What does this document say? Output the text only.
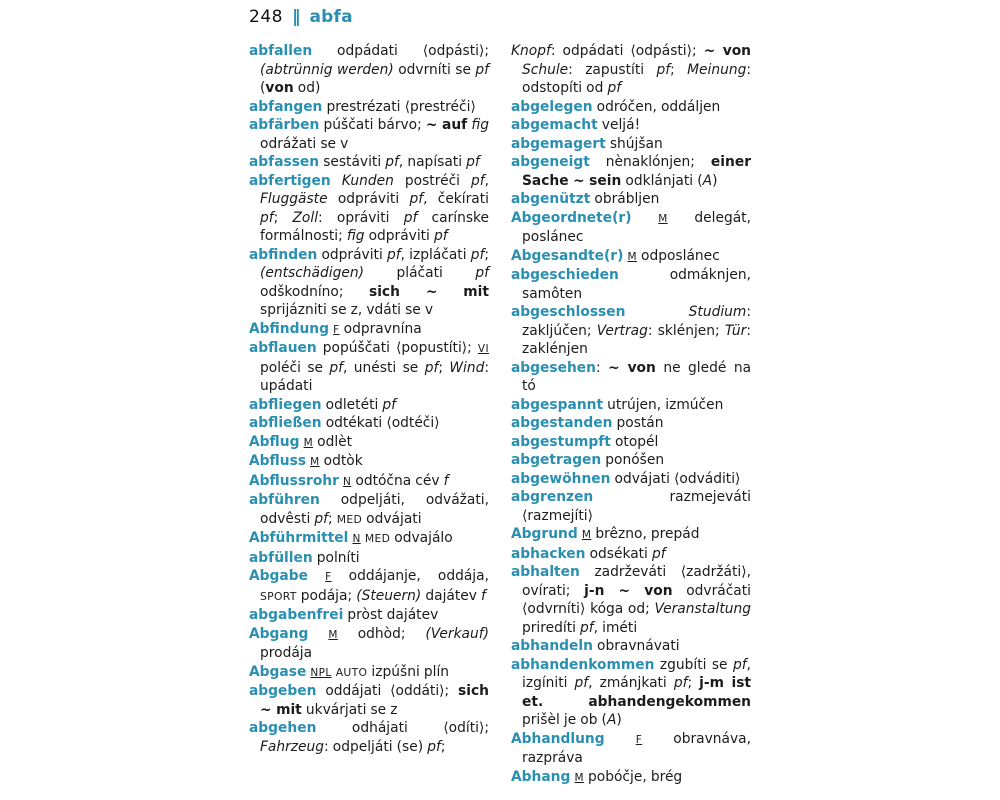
248 ‖ abfa

abfallen odpádati ⟨odpásti⟩; (abtrünnig werden) odvrníti se pf (von od)

abfangen prestrézati ⟨prestréči⟩

abfärben púščati bárvo; ~ auf fig odrážati se v

abfassen sestáviti pf, napísati pf

abfertigen Kunden postréči pf, Fluggäste odpráviti pf, čekírati pf; Zoll: opráviti pf carínske formálnosti; fig odpráviti pf

abfinden odpráviti pf, izpláčati pf; (entschädigen) pláčati pf odškodníno; sich ~ mit sprijázniti se z, vdáti se v

Abfindung F odpravnína

abflauen popúščati ⟨popustíti⟩; VI poléči se pf, unésti se pf; Wind: upádati

abfliegen odletéti pf

abfließen odtékati ⟨odtéči⟩

Abflug M odlèt

Abfluss M odtòk

Abflussrohr N odtóčna cév f

abführen odpeljáti, odvážati, odvêsti pf; MED odvájati

Abführmittel N MED odvajálo

abfüllen polníti

Abgabe F oddájanje, oddája, SPORT podája; (Steuern) dajátev f

abgabenfrei pròst dajátev

Abgang M odhòd; (Verkauf) prodája

Abgase NPL AUTO izpúšni plín

abgeben oddájati ⟨oddáti⟩; sich ~ mit ukvárjati se z

abgehen odhájati ⟨odíti⟩; Fahrzeug: odpeljáti (se) pf;

Knopf: odpádati ⟨odpásti⟩; ~ von Schule: zapustíti pf; Meinung: odstopíti od pf

abgelegen odróčen, oddáljen

abgemacht veljá!

abgemagert shújšan

abgeneigt nènaklónjen; einer Sache ~ sein odklánjati (A)

abgenützt obrábljen

Abgeordnete(r)	M delegát, poslánec

Abgesandte(r) M odposlánec

abgeschieden odmáknjen, samôten

abgeschlossen	Studium: zakljúčen; Vertrag: sklénjen; Tür: zaklénjen

abgesehen: ~ von ne gledé na tó

abgespannt utrújen, izmúčen

abgestanden postán

abgestumpft otopél

abgetragen ponóšen

abgewöhnen odvájati ⟨odváditi⟩

abgrenzen razmejeváti ⟨razmejíti⟩

Abgrund M brêzno, prepád

abhacken odsékati pf

abhalten zadrževáti ⟨zadržáti⟩, ovírati; j-n ~ von odvráčati ⟨odvrníti⟩ kóga od; Veranstaltung priredíti pf, iméti

abhandeln obravnávati

abhandenkommen zgubíti se pf, izgíniti pf, zmánjkati pf; j-m ist et. abhandengekommen prišèl je ob (A)

Abhandlung	F obravnáva, razpráva

Abhang M pobóčje, brég
